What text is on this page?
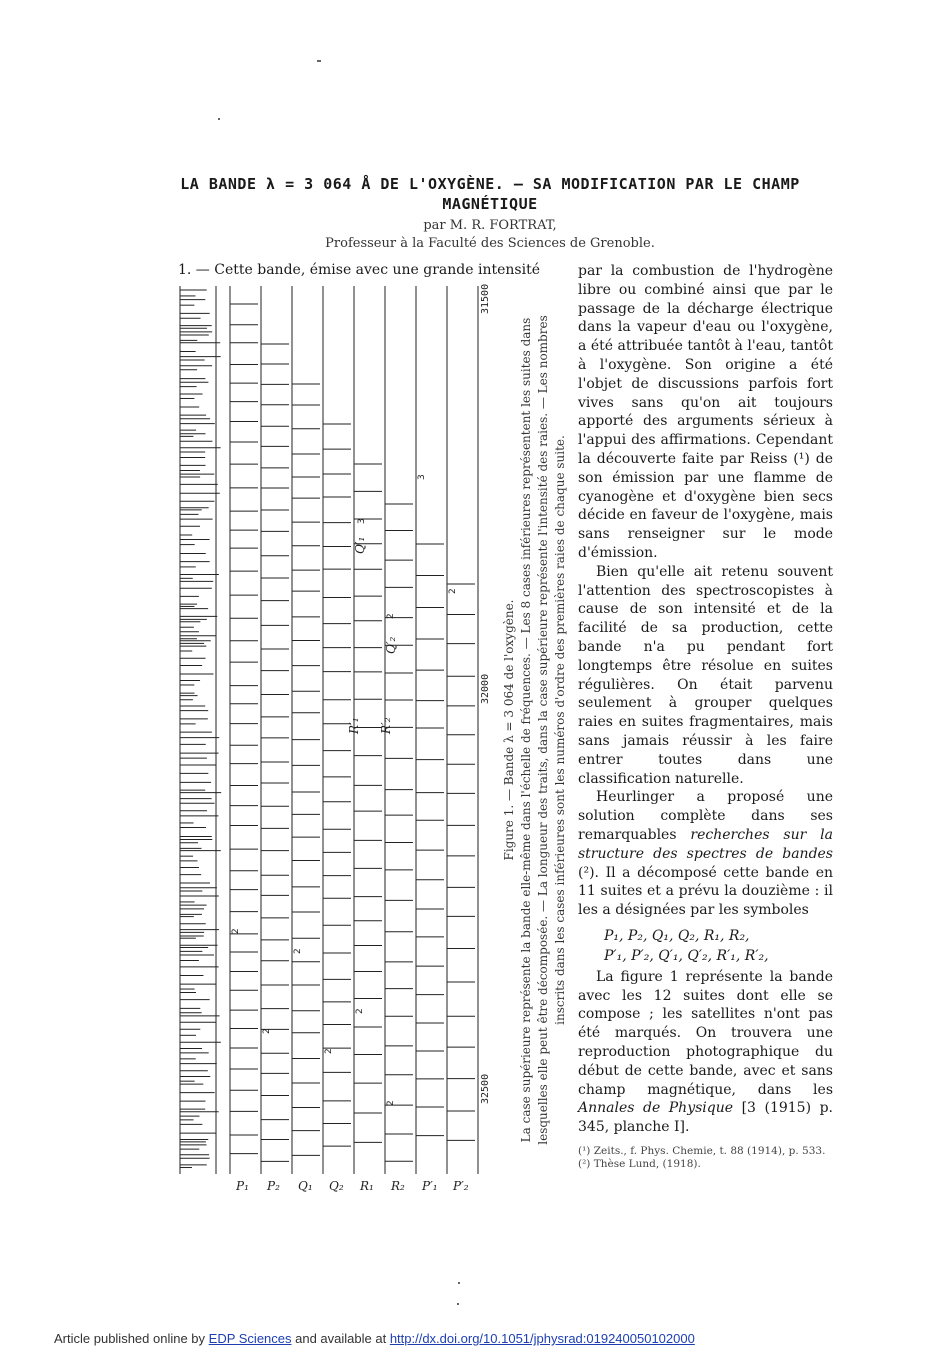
LA BANDE λ = 3 064 Å DE L'OXYGÈNE. — SA MODIFICATION PAR LE CHAMP
MAGNÉTIQUE
par M. R. FORTRAT,
Professeur à la Faculté des Sciences de Grenoble.
1. — Cette bande, émise avec une grande intensité	par la combustion de l'hydrogène libre ou combiné ainsi que par le passage de la décharge électrique dans la vapeur d'eau ou l'oxygène, a été attribuée tantôt à l'eau, tantôt à l'oxygène. Son origine a été l'objet de discussions parfois fort vives sans qu'on ait toujours apporté des arguments sérieux à l'appui des affirmations. Cependant la découverte faite par Reiss (¹) de son émission par une flamme de cyanogène et d'oxygène bien secs décide en faveur de l'oxygène, mais sans renseigner sur le mode d'émission.

Bien qu'elle ait retenu souvent l'attention des spectroscopistes à cause de son intensité et de la facilité de sa production, cette bande n'a pu pendant fort longtemps être résolue en suites régulières. On était parvenu seulement à grouper quelques raies en suites fragmentaires, mais sans jamais réussir à les faire entrer toutes dans une classification naturelle.

Heurlinger a proposé une solution complète dans ses remarquables recherches sur la structure des spectres de bandes (²). Il a décomposé cette bande en 11 suites et a prévu la douzième : il les a désignées par les symboles

P₁, P₂, Q₁, Q₂, R₁, R₂,
P′₁, P′₂, Q′₁, Q′₂, R′₁, R′₂,

La figure 1 représente la bande avec les 12 suites dont elle se compose ; les satellites n'ont pas été marqués. On trouvera une reproduction photographique du début de cette bande, avec et sans champ magnétique, dans les Annales de Physique [3 (1915) p. 345, planche I].

(¹) Zeits., f. Phys. Chemie, t. 88 (1914), p. 533.
(²) Thèse Lund, (1918).
P₁ P₂ Q₁ Q₂ R₁ R₂ P′₁ P′₂
32500
32000
31500
Q′₁
Q′₂
R′₁ R′₂
2
2
2
2
2
2
3
2
3
2	Figure 1. — Bande λ = 3 064 de l'oxygène. La case supérieure représente la bande elle-même dans l'échelle de fréquences. — Les 8 cases inférieures représentent les suites dans lesquelles elle peut être décomposée. — La longueur des traits, dans la case supérieure représente l'intensité des raies. — Les nombres inscrits dans les cases inférieures sont les numéros d'ordre des premières raies de chaque suite.
Article published online by EDP Sciences and available at http://dx.doi.org/10.1051/jphysrad:019240050102000
